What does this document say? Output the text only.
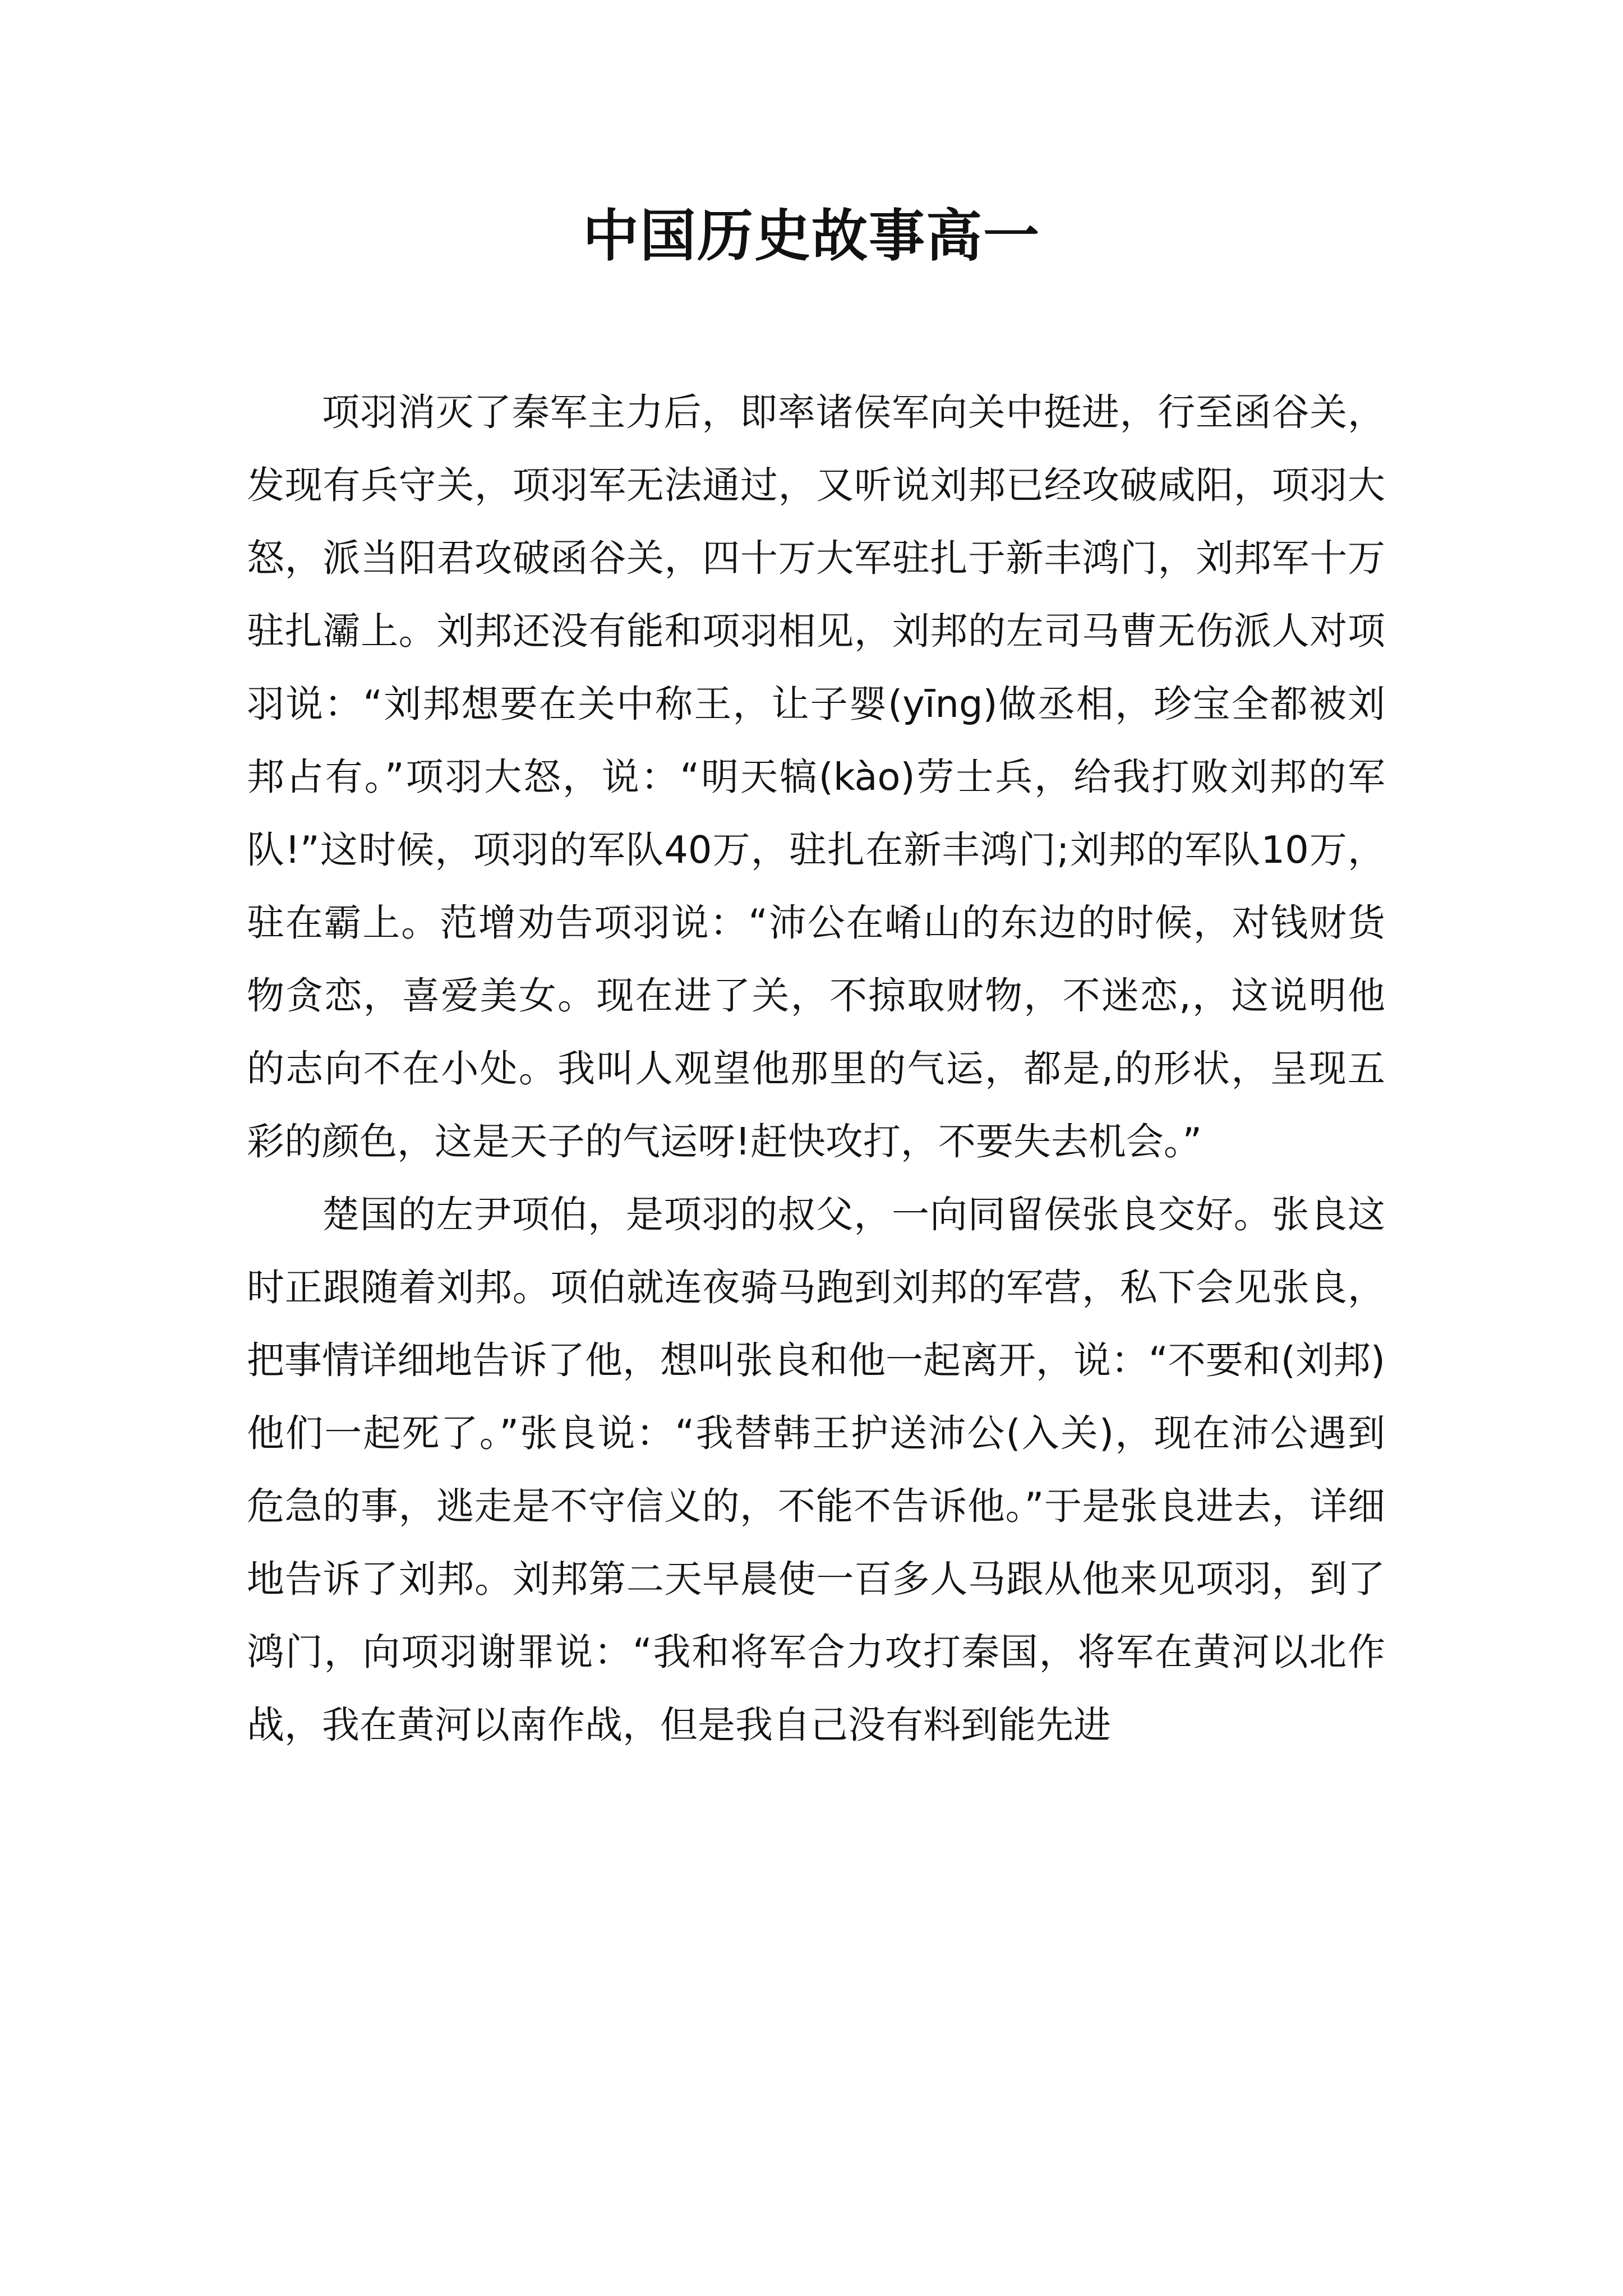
中国历史故事高一

项羽消灭了秦军主力后，即率诸侯军向关中挺进，行至函谷关，发现有兵守关，项羽军无法通过，又听说刘邦已经攻破咸阳，项羽大怒，派当阳君攻破函谷关，四十万大军驻扎于新丰鸿门，刘邦军十万驻扎灞上。刘邦还没有能和项羽相见，刘邦的左司马曹无伤派人对项羽说：“刘邦想要在关中称王，让子婴(yīng)做丞相，珍宝全都被刘邦占有。”项羽大怒，说：“明天犒(kào)劳士兵，给我打败刘邦的军队!”这时候，项羽的军队40万，驻扎在新丰鸿门;刘邦的军队10万，驻在霸上。范增劝告项羽说：“沛公在崤山的东边的时候，对钱财货物贪恋，喜爱美女。现在进了关，不掠取财物，不迷恋,，这说明他的志向不在小处。我叫人观望他那里的气运，都是,的形状，呈现五彩的颜色，这是天子的气运呀!赶快攻打，不要失去机会。”

楚国的左尹项伯，是项羽的叔父，一向同留侯张良交好。张良这时正跟随着刘邦。项伯就连夜骑马跑到刘邦的军营，私下会见张良，把事情详细地告诉了他，想叫张良和他一起离开，说：“不要和(刘邦)他们一起死了。”张良说：“我替韩王护送沛公(入关)，现在沛公遇到危急的事，逃走是不守信义的，不能不告诉他。”于是张良进去，详细地告诉了刘邦。刘邦第二天早晨使一百多人马跟从他来见项羽，到了鸿门，向项羽谢罪说：“我和将军合力攻打秦国，将军在黄河以北作战，我在黄河以南作战，但是我自己没有料到能先进
